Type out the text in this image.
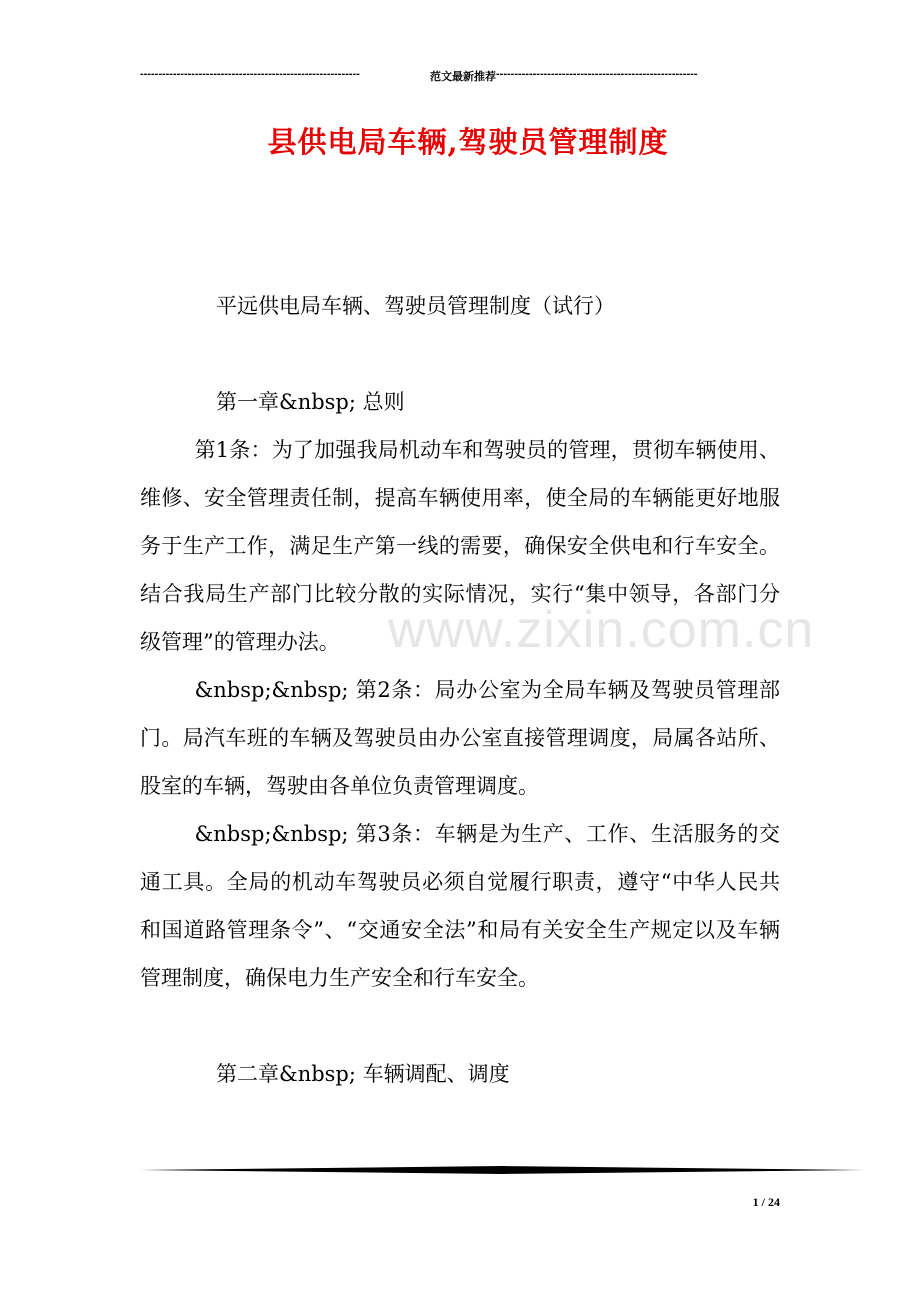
------------------------------------------------------------	范文最新推荐-------------------------------------------------------
县供电局车辆,驾驶员管理制度
www.zixin.com.cn

平远供电局车辆、驾驶员管理制度（试行）

第一章&nbsp; 总则

第1条：为了加强我局机动车和驾驶员的管理，贯彻车辆使用、维修、安全管理责任制，提高车辆使用率，使全局的车辆能更好地服务于生产工作，满足生产第一线的需要，确保安全供电和行车安全。结合我局生产部门比较分散的实际情况，实行“集中领导，各部门分级管理”的管理办法。

&nbsp;&nbsp; 第2条：局办公室为全局车辆及驾驶员管理部门。局汽车班的车辆及驾驶员由办公室直接管理调度，局属各站所、股室的车辆，驾驶由各单位负责管理调度。

&nbsp;&nbsp; 第3条：车辆是为生产、工作、生活服务的交通工具。全局的机动车驾驶员必须自觉履行职责，遵守“中华人民共和国道路管理条令”、“交通安全法”和局有关安全生产规定以及车辆管理制度，确保电力生产安全和行车安全。

第二章&nbsp; 车辆调配、调度

1 / 24
